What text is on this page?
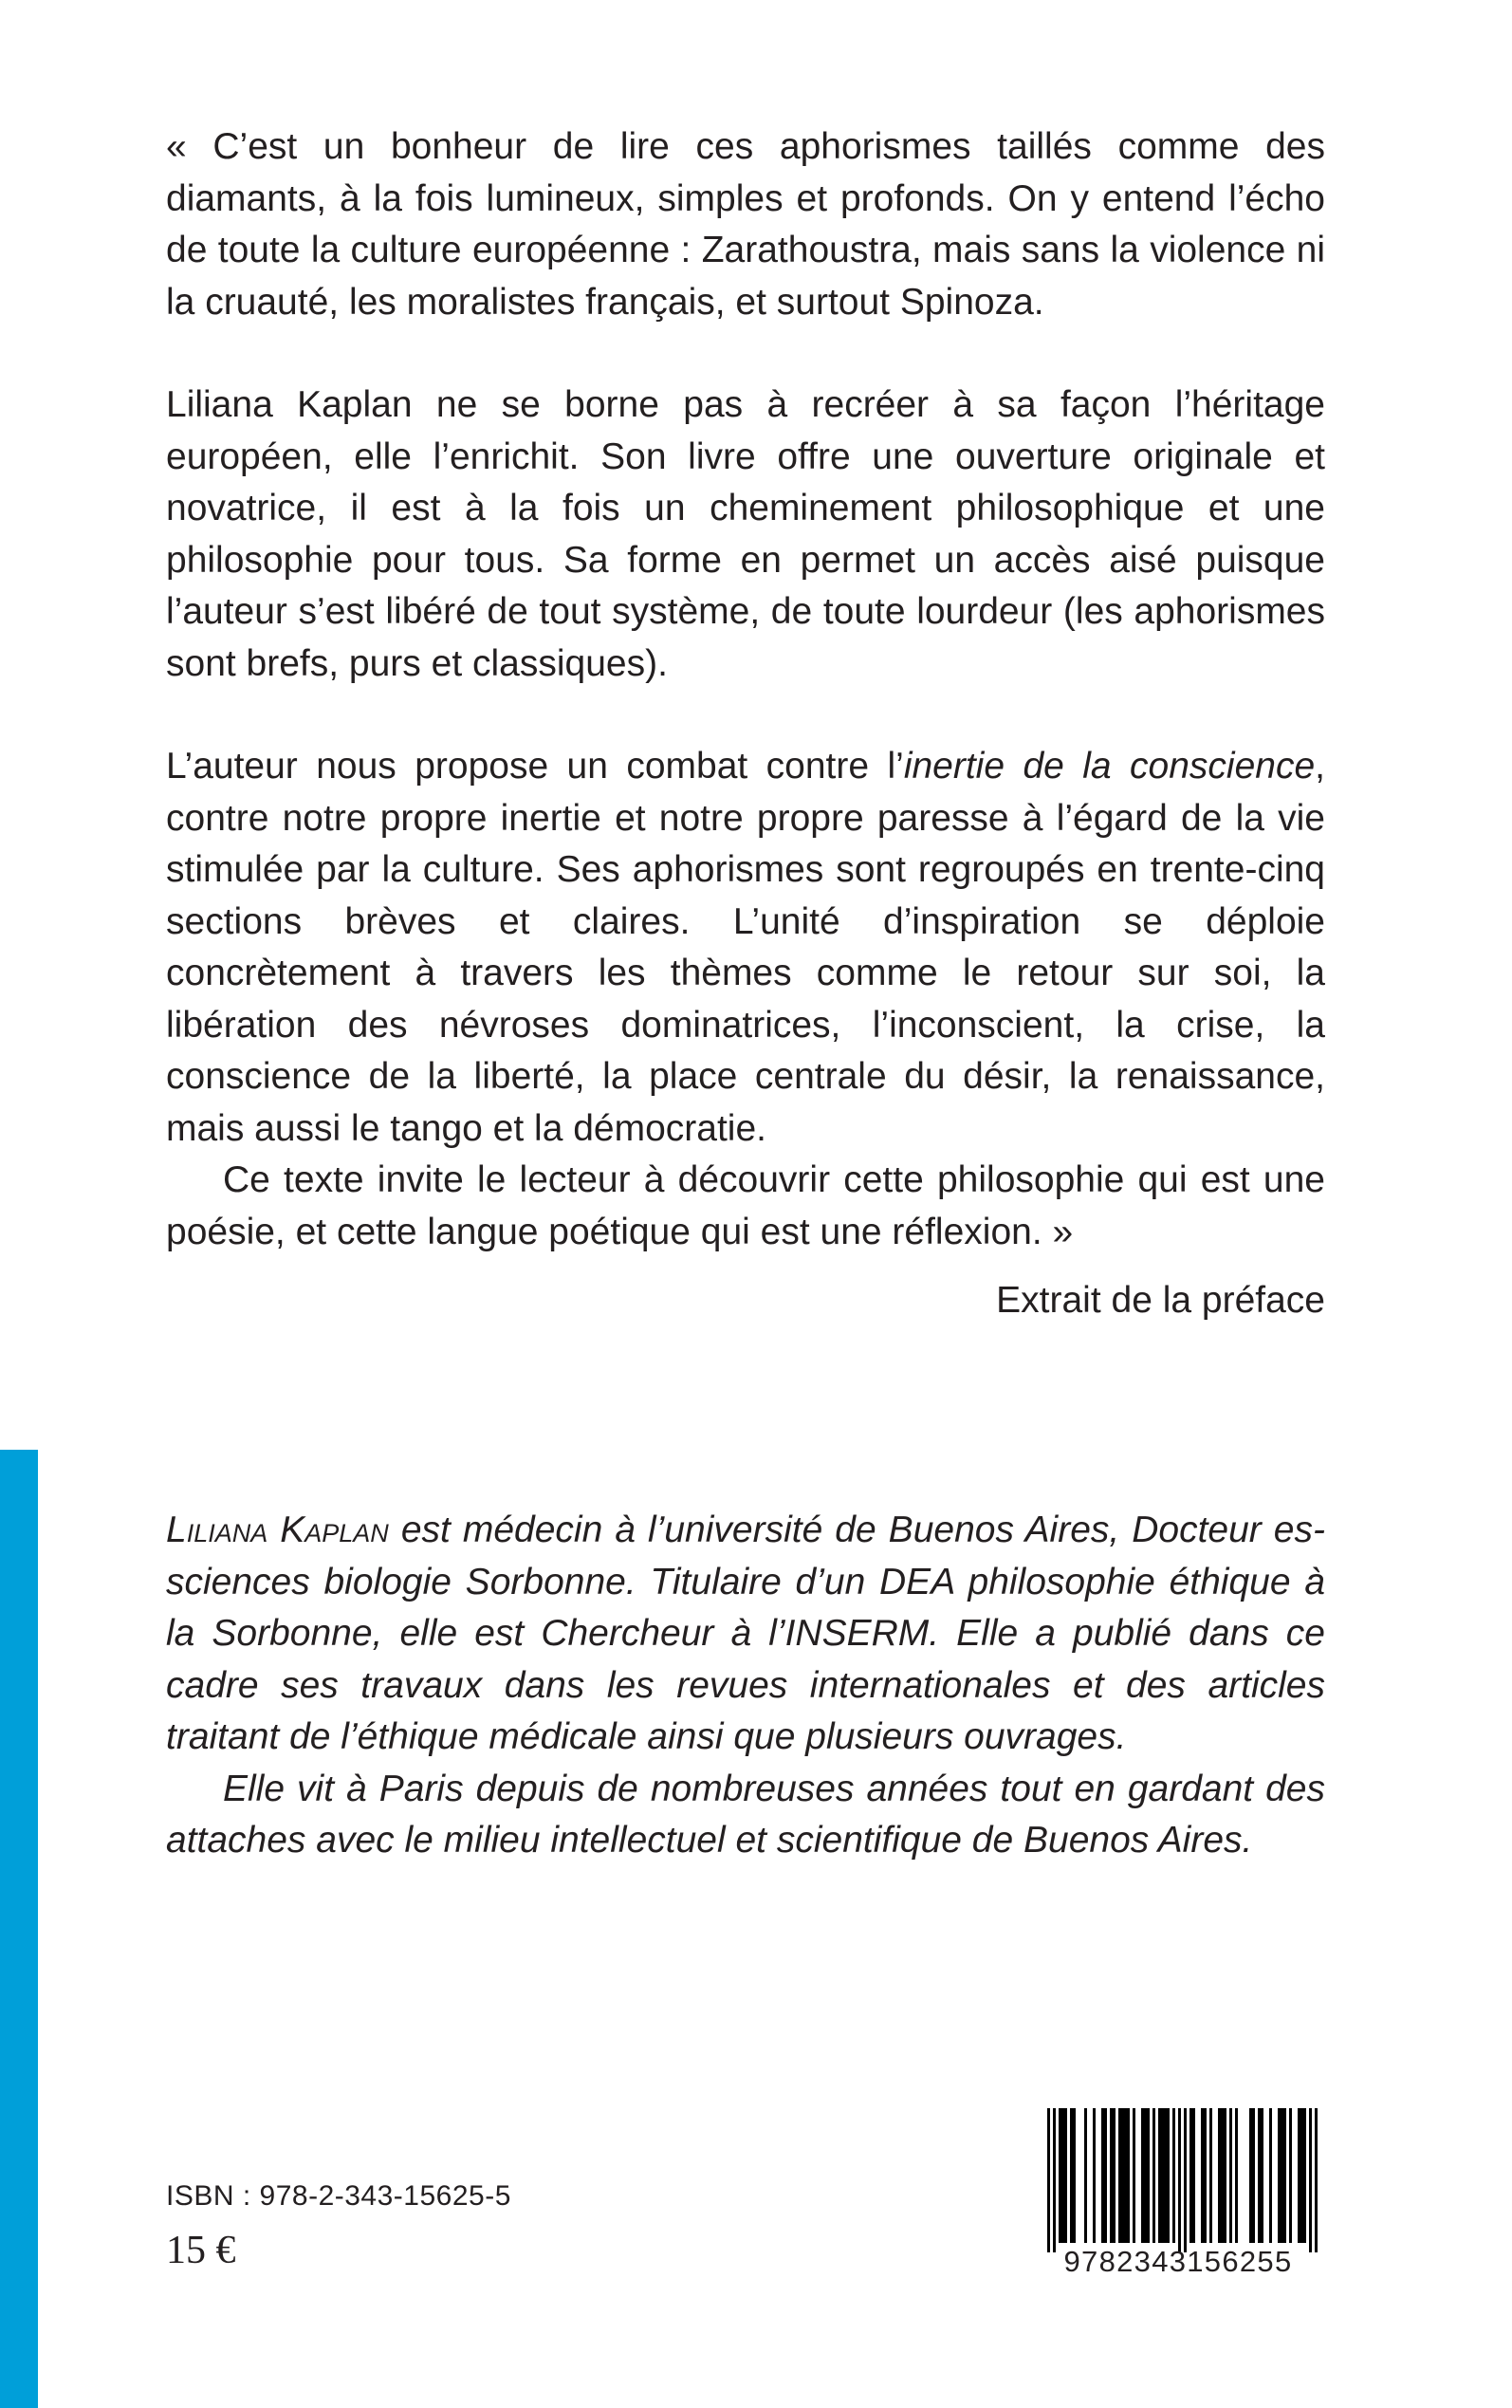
« C’est un bonheur de lire ces aphorismes taillés comme des diamants, à la fois lumineux, simples et profonds. On y entend l’écho de toute la culture européenne : Zarathoustra, mais sans la violence ni la cruauté, les moralistes français, et surtout Spinoza.

Liliana Kaplan ne se borne pas à recréer à sa façon l’héritage européen, elle l’enrichit. Son livre offre une ouverture originale et novatrice, il est à la fois un cheminement philosophique et une philosophie pour tous. Sa forme en permet un accès aisé puisque l’auteur s’est libéré de tout système, de toute lourdeur (les aphorismes sont brefs, purs et classiques).

L’auteur nous propose un combat contre l’inertie de la conscience, contre notre propre inertie et notre propre paresse à l’égard de la vie stimulée par la culture. Ses aphorismes sont regroupés en trente-cinq sections brèves et claires. L’unité d’inspiration se déploie concrètement à travers les thèmes comme le retour sur soi, la libération des névroses dominatrices, l’inconscient, la crise, la conscience de la liberté, la place centrale du désir, la renaissance, mais aussi le tango et la démocratie.

Ce texte invite le lecteur à découvrir cette philosophie qui est une poésie, et cette langue poétique qui est une réflexion. »

Extrait de la préface

Liliana Kaplan est médecin à l’université de Buenos Aires, Docteur es-sciences biologie Sorbonne. Titulaire d’un DEA philosophie éthique à la Sorbonne, elle est Chercheur à l’INSERM. Elle a publié dans ce cadre ses travaux dans les revues internationales et des articles traitant de l’éthique médicale ainsi que plusieurs ouvrages.

Elle vit à Paris depuis de nombreuses années tout en gardant des attaches avec le milieu intellectuel et scientifique de Buenos Aires.

ISBN : 978-2-343-15625-5
15 €	9782343156255
